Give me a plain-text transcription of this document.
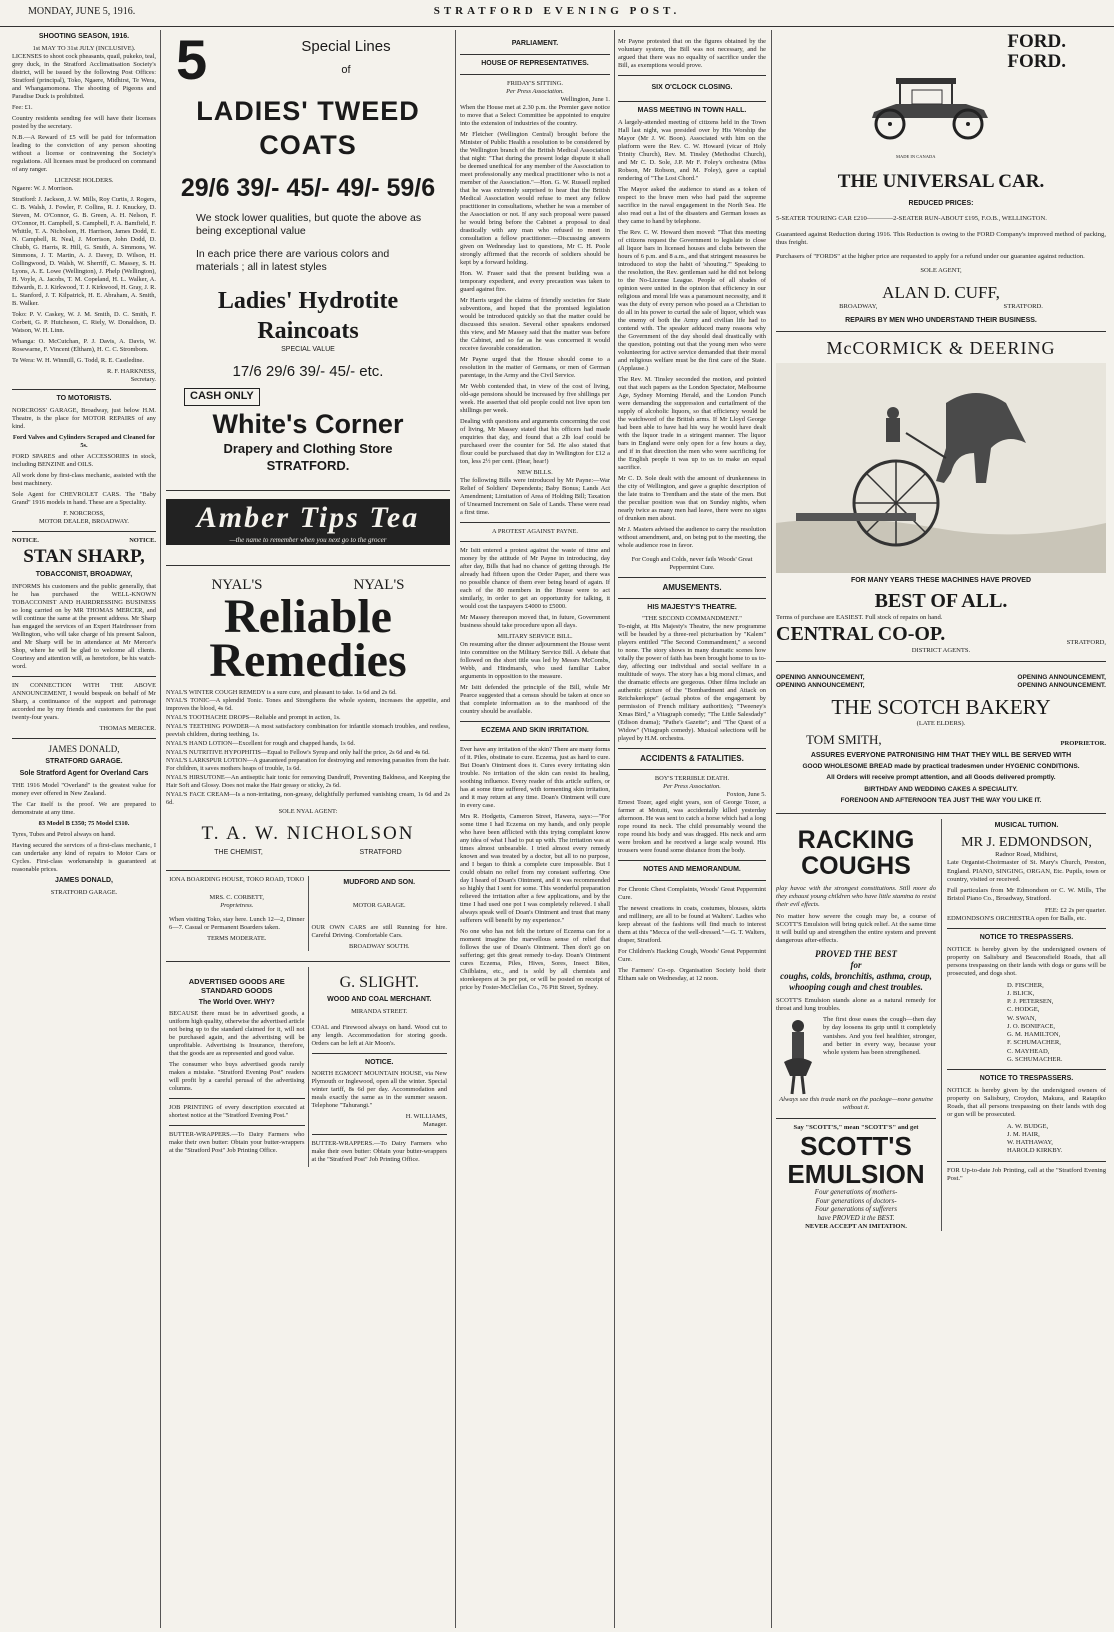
MONDAY, JUNE 5, 1916.	STRATFORD EVENING POST.
SHOOTING SEASON, 1916.
1st MAY TO 31st JULY (INCLUSIVE).

LICENSES to shoot cock pheasants, quail, pukeko, teal, grey duck, in the Stratford Acclimatisation Society's district, will be issued by the following Post Offices: Stratford (principal), Toko, Ngaere, Midhirst, Te Wera, and Whangamomona. The shooting of Pigeons and Paradise Duck is prohibited.

Fee: £1.

Country residents sending fee will have their licenses posted by the secretary.

N.B.—A Reward of £5 will be paid for information leading to the conviction of any person shooting without a license or contravening the Society's regulations. All licenses must be produced on command of any ranger.

LICENSE HOLDERS.

Ngaere: W. J. Morrison.

Stratford: J. Jackson, J. W. Mills, Roy Curtis, J. Rogers, C. B. Walsh, J. Fowler, F. Collins, R. J. Knuckey, D. Steven, M. O'Connor, G. B. Green, A. H. Nelson, F. O'Connor, H. Campbell, S. Campbell, F. A. Bamfield, F. Whittle, T. A. Nicholson, H. Harrison, James Dodd, E. N. Campbell, R. Neal, J. Morrison, John Dodd, D. Chubb, G. Harris, R. Hill, G. Smith, A. Simmons, W. Simmons, J. T. Martin, A. J. Davey, D. Wilson, H. Collingwood, D. Walsh, W. Sherriff, C. Massey, S. H. Lyons, A. E. Lowe (Wellington), J. Phelp (Wellington), H. Voyle, A. Jacobs, T. M. Copeland, H. L. Walker, A. Edwards, E. J. Kirkwood, T. J. Kirkwood, H. Gray, J. R. L. Stanford, J. T. Kilpatrick, H. E. Abraham, A. Smith, B. Walker.

Toko: P. V. Caskey, W. J. M. Smith, D. C. Smith, F. Corbett, G. P. Hutcheson, C. Riely, W. Donaldson, D. Watson, W. H. Linn.

Whanga: O. McCutchan, P. J. Davis, A. Davis, W. Rosewarne, F. Vincent (Eltham), H. C. C. Strombom.

Te Wera: W. H. Winmill, G. Todd, R. E. Castledine.

R. F. HARKNESS,
Secretary.
TO MOTORISTS.

NORCROSS' GARAGE, Broadway, just below H.M. Theatre, is the place for MOTOR REPAIRS of any kind.

Ford Valves and Cylinders Scraped and Cleaned for 5s.

FORD SPARES and other ACCESSORIES in stock, including BENZINE and OILS.

All work done by first-class mechanic, assisted with the best machinery.

Sole Agent for CHEVROLET CARS. The "Baby Grand" 1916 models in hand. These are a Speciality.

F. NORCROSS,
MOTOR DEALER, BROADWAY.
NOTICE.	NOTICE.
STAN SHARP,
TOBACCONIST, BROADWAY,

INFORMS his customers and the public generally, that he has purchased the WELL-KNOWN TOBACCONIST AND HAIRDRESSING BUSINESS so long carried on by MR THOMAS MERCER, and will continue the same at the present address. Mr Sharp has engaged the services of an Expert Hairdresser from Wellington, who will take charge of his present Saloon, and Mr Sharp will be in attendance at Mr Mercer's Shop, where he will be glad to welcome all clients. Courtesy and attention will, as heretofore, be his watch-word.

IN CONNECTION WITH THE ABOVE ANNOUNCEMENT, I would bespeak on behalf of Mr Sharp, a continuance of the support and patronage accorded me by my friends and customers for the past twenty-four years.

THOMAS MERCER.
JAMES DONALD,
STRATFORD GARAGE.
Sole Stratford Agent for Overland Cars

THE 1916 Model "Overland" is the greatest value for money ever offered in New Zealand.

The Car itself is the proof. We are prepared to demonstrate at any time.

83 Model B £350; 75 Model £310.

Tyres, Tubes and Petrol always on hand.

Having secured the services of a first-class mechanic, I can undertake any kind of repairs to Motor Cars or Cycles. First-class workmanship is guaranteed at reasonable prices.

JAMES DONALD,
STRATFORD GARAGE.
5	Special Lines
of
LADIES' TWEED COATS
29/6 39/- 45/- 49/- 59/6
We stock lower qualities, but quote the above as being exceptional value
In each price there are various colors and materials ; all in latest styles
Ladies' Hydrotite Raincoats
SPECIAL VALUE
17/6 29/6 39/- 45/- etc.
CASH ONLY
White's Corner
Drapery and Clothing Store
STRATFORD.
Amber Tips Tea
—the name to remember when you next go to the grocer
NYAL'S	NYAL'S
Reliable
Remedies

NYAL'S WINTER COUGH REMEDY is a sure cure, and pleasant to take. 1s 6d and 2s 6d.

NYAL'S TONIC—A splendid Tonic. Tones and Strengthens the whole system, increases the appetite, and improves the blood, 4s 6d.

NYAL'S TOOTHACHE DROPS—Reliable and prompt in action, 1s.

NYAL'S TEETHING POWDER—A most satisfactory combination for infantile stomach troubles, and restless, peevish children, during teething, 1s.

NYAL'S HAND LOTION—Excellent for rough and chapped hands, 1s 6d.

NYAL'S NUTRITIVE HYPOPHITIS—Equal to Fellow's Syrup and only half the price, 2s 6d and 4s 6d.

NYAL'S LARKSPUR LOTION—A guaranteed preparation for destroying and removing parasites from the hair. For children, it saves mothers heaps of trouble, 1s 6d.

NYAL'S HIRSUTONE—An antiseptic hair tonic for removing Dandruff, Preventing Baldness, and Keeping the Hair Soft and Glossy. Does not make the Hair greasy or sticky, 2s 6d.

NYAL'S FACE CREAM—Is a non-irritating, non-greasy, delightfully perfumed vanishing cream, 1s 6d and 2s 6d.

SOLE NYAL AGENT:
T. A. W. NICHOLSON
THE CHEMIST,	STRATFORD

IONA BOARDING HOUSE, TOKO ROAD, TOKO

MRS. C. CORBETT,
Proprietress.

When visiting Toko, stay here. Lunch 12—2, Dinner 6—7. Casual or Permanent Boarders taken.

TERMS MODERATE.
MUDFORD AND SON.
MOTOR GARAGE.

OUR OWN CARS are still Running for hire. Careful Driving. Comfortable Cars.

BROADWAY SOUTH.
ADVERTISED GOODS ARE STANDARD GOODS
The World Over. WHY?

BECAUSE there must be in advertised goods, a uniform high quality, otherwise the advertised article not being up to the standard claimed for it, will not be purchased again, and the advertising will be unprofitable. Advertising is Insurance, therefore, that the goods are as represented and good value.

The consumer who buys advertised goods rarely makes a mistake. "Stratford Evening Post" readers will profit by a careful perusal of the advertising columns.

JOB PRINTING of every description executed at shortest notice at the "Stratford Evening Post."

BUTTER-WRAPPERS.—To Dairy Farmers who make their own butter: Obtain your butter-wrappers at the "Stratford Post" Job Printing Office.

G. SLIGHT.
WOOD AND COAL MERCHANT.
MIRANDA STREET.

COAL and Firewood always on hand. Wood cut to any length. Accommodation for storing goods. Orders can be left at Air Moon's.

NOTICE.

NORTH EGMONT MOUNTAIN HOUSE, via New Plymouth or Inglewood, open all the winter. Special winter tariff, 8s 6d per day. Accommodation and meals exactly the same as in the summer season. Telephone "Tahurangi."

H. WILLIAMS,
Manager.

BUTTER-WRAPPERS.—To Dairy Farmers who make their own butter: Obtain your butter-wrappers at the "Stratford Post" Job Printing Office.

PARLIAMENT.
HOUSE OF REPRESENTATIVES.
FRIDAY'S SITTING.
Per Press Association.
Wellington, June 1.

When the House met at 2.30 p.m. the Premier gave notice to move that a Select Committee be appointed to enquire into the extension of industries of the country.

Mr Fletcher (Wellington Central) brought before the Minister of Public Health a resolution to be considered by the Wellington branch of the British Medical Association that night: "That during the present lodge dispute it shall be deemed unethical for any member of the Association to meet professionally any medical practitioner who is not a member of the Association."—Hon. G. W. Russell replied that he was extremely surprised to hear that the British Medical Association would refuse to meet any fellow practitioner in consultations, whether he was a member of the Association or not. If any such proposal were passed he would bring before the Cabinet a proposal to deal drastically with any man who refused to meet in consultation a fellow practitioner.—Discussing answers given on Wednesday last to questions, Mr C. H. Poole strongly affirmed that the records of soldiers should be kept by a forward holding.

Hon. W. Fraser said that the present building was a temporary expedient, and every precaution was taken to guard against fire.

Mr Harris urged the claims of friendly societies for State subventions, and hoped that the promised legislation would be introduced quickly so that the matter could be discussed this session. Several other speakers endorsed this view, and Mr Massey said that the matter was before the Cabinet, and so far as he was concerned it would receive favorable consideration.

Mr Payne urged that the House should come to a resolution in the matter of Germans, or men of German parentage, in the Army and the Civil Service.

Mr Webb contended that, in view of the cost of living, old-age pensions should be increased by five shillings per week. He asserted that old people could not live upon ten shillings per week.

Dealing with questions and arguments concerning the cost of living, Mr Massey stated that his officers had made enquiries that day, and found that a 2lb loaf could be purchased over the counter for 5d. He also stated that flour could be purchased that day in Wellington for £12 a ton, less 2½ per cent. (Hear, hear!)

NEW BILLS.

The following Bills were introduced by Mr Payne:—War Relief of Soldiers' Dependents; Baby Bonus; Lands Act Amendment; Limitation of Area of Holding Bill; Taxation of Unearned Increment on Sale of Lands. These were read a first time.

A PROTEST AGAINST PAYNE.

Mr Isitt entered a protest against the waste of time and money by the attitude of Mr Payne in introducing, day after day, Bills that had no chance of getting through. He already had fifteen upon the Order Paper, and there was no possible chance of them ever being heard of again. If each of the 80 members in the House were to act similarly, in order to get an opportunity for talking, it would cost the taxpayers £4000 to £5000.

Mr Massey thereupon moved that, in future, Government business should take procedure upon all days.

MILITARY SERVICE BILL.

On resuming after the dinner adjournment the House went into committee on the Military Service Bill. A debate that followed on the short title was led by Messrs McCombs, Webb, and Hindmarsh, who used familiar Labor arguments in opposition to the measure.

Mr Isitt defended the principle of the Bill, while Mr Pearce suggested that a census should be taken at once so that complete information as to the manhood of the country should be available.

ECZEMA AND SKIN IRRITATION.

Ever have any irritation of the skin? There are many forms of it. Piles, obstinate to cure. Eczema, just as hard to cure. But Doan's Ointment does it. Cures every irritating skin trouble. No irritation of the skin can resist its healing, soothing influence. Every reader of this article suffers, or has at some time suffered, with tormenting skin irritation, and it may return at any time. Doan's Ointment will cure in every case.

Mrs R. Hodgetts, Cameron Street, Hawera, says:—"For some time I had Eczema on my hands, and only people who have been afflicted with this trying complaint know any idea of what I had to put up with. The irritation was at times almost unbearable. I tried almost every remedy known and was treated by a doctor, but all to no purpose, and I began to think a complete cure impossible. But I could obtain no relief from my constant suffering. One day I heard of Doan's Ointment, and it was recommended so highly that I sent for some. This wonderful preparation relieved the irritation after a few applications, and by the time I had used one pot I was completely relieved. I shall always speak well of Doan's Ointment and trust that many sufferers will benefit by my experience."

No one who has not felt the torture of Eczema can for a moment imagine the marvellous sense of relief that follows the use of Doan's Ointment. Then don't go on suffering; get this great remedy to-day. Doan's Ointment cures Eczema, Piles, Hives, Sores, Insect Bites, Chilblains, etc., and is sold by all chemists and storekeepers at 3s per pot, or will be posted on receipt of price by Foster-McClellan Co., 76 Pitt Street, Sydney.

Mr Payne protested that on the figures obtained by the voluntary system, the Bill was not necessary, and he argued that there was no equality of sacrifice under the Bill, as exemptions would prove.

SIX O'CLOCK CLOSING.
MASS MEETING IN TOWN HALL.

A largely-attended meeting of citizens held in the Town Hall last night, was presided over by His Worship the Mayor (Mr J. W. Boon). Associated with him on the platform were the Rev. C. W. Howard (vicar of Holy Trinity Church), Rev. M. Tinsley (Methodist Church), and Mr C. D. Sole, J.P. Mr F. Foley's orchestra (Miss Robson, Mr Robson, and M. Foley), gave a capital rendering of "The Lost Chord."

The Mayor asked the audience to stand as a token of respect to the brave men who had paid the supreme sacrifice in the naval engagement in the North Sea. He also read out a list of the disasters and German losses as they came to hand by telephone.

The Rev. C. W. Howard then moved: "That this meeting of citizens request the Government to legislate to close all liquor bars in licensed houses and clubs between the hours of 6 p.m. and 8 a.m., and that stringent measures be introduced to stop the habit of 'shouting.'" Speaking to the resolution, the Rev. gentleman said he did not belong to the No-License League. People of all shades of opinion were united in the opinion that efficiency in our religious and moral life was a paramount necessity, and it was the duty of every person who posed as a Christian to do all in his power to curtail the sale of liquor, which was the enemy of both the Army and civilian life had to contend with. The speaker adduced many reasons why the Government of the day should deal drastically with the question, pointing out that the young men who were volunteering for active service demanded that their moral and religious welfare must be the first care of the State. (Applause.)

The Rev. M. Tinsley seconded the motion, and pointed out that such papers as the London Spectator, Melbourne Age, Sydney Morning Herald, and the London Punch were demanding the suppression and curtailment of the supply of alcoholic liquors, so that efficiency would be the watchword of the British arms. If Mr Lloyd George had been able to have had his way he would have dealt with the liquor trade in a stringent manner. The liquor bars in England were only open for a few hours a day, and if in that direction the men who were sacrificing for the English people it was up to us to make an equal sacrifice.

Mr C. D. Sole dealt with the amount of drunkenness in the city of Wellington, and gave a graphic description of the late trains to Trentham and the state of the men. But the peculiar position was that on Sunday nights, when nearly twice as many men had leave, there were no signs of drunken men about.

Mr J. Masters advised the audience to carry the resolution without amendment, and, on being put to the meeting, the whole audience rose in favor.

For Cough and Colds, never fails Woods' Great Peppermint Cure.

AMUSEMENTS.
HIS MAJESTY'S THEATRE.
"THE SECOND COMMANDMENT."

To-night, at His Majesty's Theatre, the new programme will be headed by a three-reel picturisation by "Kalem" players entitled "The Second Commandment," a second to none. The story shows in many dramatic scenes how vitally the power of faith has been brought home to us to-day, affecting our individual and social welfare in a multitude of ways. The story has a big moral climax, and the dramatic effects are gorgeous. Other films include an authentic picture of the "Bombardment and Attack on Reichskerkope" (actual photos of the engagement by permission of French military authorities); "Tweeney's Xmas Bird," a Vitagraph comedy; "The Little Salesdady" (Edison drama); "Pathe's Gazette"; and "The Quest of a Widow" (Vitagraph comedy). Musical selections will be played by H.M. orchestra.

ACCIDENTS & FATALITIES.
BOY'S TERRIBLE DEATH.
Per Press Association.
Foxton, June 5.

Ernest Tozer, aged eight years, son of George Tozer, a farmer at Motuiti, was accidentally killed yesterday afternoon. He was sent to catch a horse which had a long rope round its neck. The child presumably wound the rope round his body and was dragged. His neck and arm were broken and he received a large scalp wound. His trousers were found some distance from the body.

NOTES AND MEMORANDUM.

For Chronic Chest Complaints, Woods' Great Peppermint Cure.

The newest creations in coats, costumes, blouses, skirts and millinery, are all to be found at Walters'. Ladies who keep abreast of the fashions will find much to interest them at this "Mecca of the well-dressed."—G. T. Walters, draper, Stratford.

For Children's Hacking Cough, Woods' Great Peppermint Cure.

The Farmers' Co-op. Organisation Society hold their Eltham sale on Wednesday, at 12 noon.

FORD.
FORD.
MADE IN CANADA
THE UNIVERSAL CAR.
REDUCED PRICES:
5-SEATER TOURING CAR £210————2-SEATER RUN-ABOUT £195, F.O.B., WELLINGTON.

Guaranteed against Reduction during 1916. This Reduction is owing to the FORD Company's improved method of packing, thus freight.

Purchasers of "FORDS" at the higher price are requested to apply for a refund under our guarantee against reduction.

SOLE AGENT,
ALAN D. CUFF,
BROADWAY,	STRATFORD.
REPAIRS BY MEN WHO UNDERSTAND THEIR BUSINESS.
McCORMICK & DEERING
FOR MANY YEARS THESE MACHINES HAVE PROVED
BEST OF ALL.
Terms of purchase are EASIEST. Full stock of repairs on hand.
CENTRAL CO-OP.	STRATFORD,
DISTRICT AGENTS.
OPENING ANNOUNCEMENT,
OPENING ANNOUNCEMENT,
OPENING ANNOUNCEMENT,
OPENING ANNOUNCEMENT.
THE SCOTCH BAKERY
(LATE ELDERS).
TOM SMITH,	PROPRIETOR.
ASSURES EVERYONE PATRONISING HIM THAT THEY WILL BE SERVED WITH
GOOD WHOLESOME BREAD made by practical tradesmen under HYGENIC CONDITIONS.
All Orders will receive prompt attention, and all Goods delivered promptly.
BIRTHDAY AND WEDDING CAKES A SPECIALITY.
FORENOON AND AFTERNOON TEA JUST THE WAY YOU LIKE IT.
RACKING
COUGHS

play havoc with the strongest constitutions. Still more do they exhaust young children who have little stamina to resist their evil effects.

No matter how severe the cough may be, a course of SCOTT'S Emulsion will bring quick relief. At the same time it will build up and strengthen the entire system and prevent dangerous after-effects.

PROVED THE BEST
for
coughs, colds, bronchitis, asthma, croup, whooping cough and chest troubles.

SCOTT'S Emulsion stands alone as a natural remedy for throat and lung troubles.

The first dose eases the cough—then day by day loosens its grip until it completely vanishes. And you feel healthier, stronger, and better in every way, because your whole system has been strengthened.

Always see this trade mark on the package—none genuine without it.

Say "SCOTT'S," mean "SCOTT'S" and get
SCOTT'S
EMULSION
Four generations of mothers-
Four generations of doctors-
Four generations of sufferers
have PROVED it the BEST.
NEVER ACCEPT AN IMITATION.
MUSICAL TUITION.
MR J. EDMONDSON,
Radnor Road, Midhirst,

Late Organist-Choirmaster of St. Mary's Church, Preston, England. PIANO, SINGING, ORGAN, Etc. Pupils, town or country, visited or received.

Full particulars from Mr Edmondson or C. W. Mills, The Bristol Piano Co., Broadway, Stratford.

FEE: £2 2s per quarter.

EDMONDSON'S ORCHESTRA open for Balls, etc.

NOTICE TO TRESPASSERS.

NOTICE is hereby given by the undersigned owners of property on Salisbury and Beaconsfield Roads, that all persons trespassing on their lands with dogs or guns will be prosecuted, and dogs shot.

D. FISCHER,

J. BLICK,

P. J. PETERSEN,

C. HODGE,

W. SWAN,

J. O. BONIFACE,

G. M. HAMILTON,

F. SCHUMACHER,

C. MAYHEAD,

G. SCHUMACHER.

NOTICE TO TRESPASSERS.

NOTICE is hereby given by the undersigned owners of property on Salisbury, Croydon, Makura, and Ratapiko Roads, that all persons trespassing on their lands with dog or gun will be prosecuted.

A. W. BUDGE,

J. M. HAIR,

W. HATHAWAY,

HAROLD KIRKBY.

FOR Up-to-date Job Printing, call at the "Stratford Evening Post."
